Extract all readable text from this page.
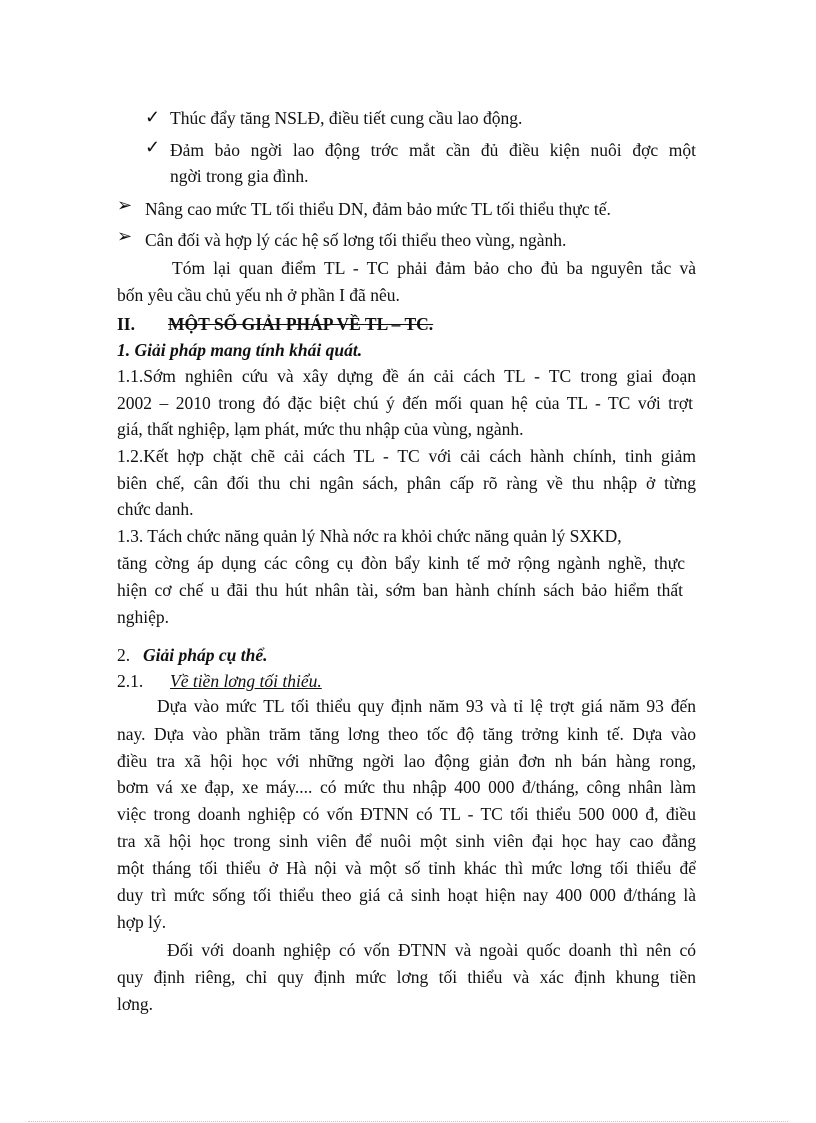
✓ Thúc đẩy tăng NSLĐ, điều tiết cung cầu lao động.
✓ Đảm bảo ngời lao động trớc mắt cần đủ điều kiện nuôi đợc một
ngời trong gia đình.
➢ Nâng cao mức TL tối thiểu DN, đảm bảo mức TL tối thiểu thực tế.
➢ Cân đối và hợp lý các hệ số lơng tối thiểu theo vùng, ngành.
Tóm lại quan điểm TL - TC phải đảm bảo cho đủ ba nguyên tắc và
bốn yêu cầu chủ yếu nh ở phần I đã nêu.
II. MỘT SỐ GIẢI PHÁP VỀ TL – TC.
1. Giải pháp mang tính khái quát.
1.1.Sớm nghiên cứu và xây dựng đề án cải cách TL - TC trong giai đoạn
2002 – 2010 trong đó đặc biệt chú ý đến mối quan hệ của TL - TC với trợt
giá, thất nghiệp, lạm phát, mức thu nhập của vùng, ngành.
1.2.Kết hợp chặt chẽ cải cách TL - TC với cải cách hành chính, tinh giảm
biên chế, cân đối thu chi ngân sách, phân cấp rõ ràng về thu nhập ở từng
chức danh.
1.3. Tách chức năng quản lý Nhà nớc ra khỏi chức năng quản lý SXKD,
tăng cờng áp dụng các công cụ đòn bẩy kinh tế mở rộng ngành nghề, thực
hiện cơ chế u đãi thu hút nhân tài, sớm ban hành chính sách bảo hiểm thất
nghiệp.
2. Giải pháp cụ thể.
2.1. Về tiền lơng tối thiểu.
Dựa vào mức TL tối thiểu quy định năm 93 và tỉ lệ trợt giá năm 93 đến
nay. Dựa vào phần trăm tăng lơng theo tốc độ tăng trởng kinh tế. Dựa vào
điều tra xã hội học với những ngời lao động giản đơn nh bán hàng rong,
bơm vá xe đạp, xe máy.... có mức thu nhập 400 000 đ/tháng, công nhân làm
việc trong doanh nghiệp có vốn ĐTNN có TL - TC tối thiểu 500 000 đ, điều
tra xã hội học trong sinh viên để nuôi một sinh viên đại học hay cao đẳng
một tháng tối thiểu ở Hà nội và một số tỉnh khác thì mức lơng tối thiểu để
duy trì mức sống tối thiểu theo giá cả sinh hoạt hiện nay 400 000 đ/tháng là
hợp lý.
Đối với doanh nghiệp có vốn ĐTNN và ngoài quốc doanh thì nên có
quy định riêng, chỉ quy định mức lơng tối thiểu và xác định khung tiền
lơng.
